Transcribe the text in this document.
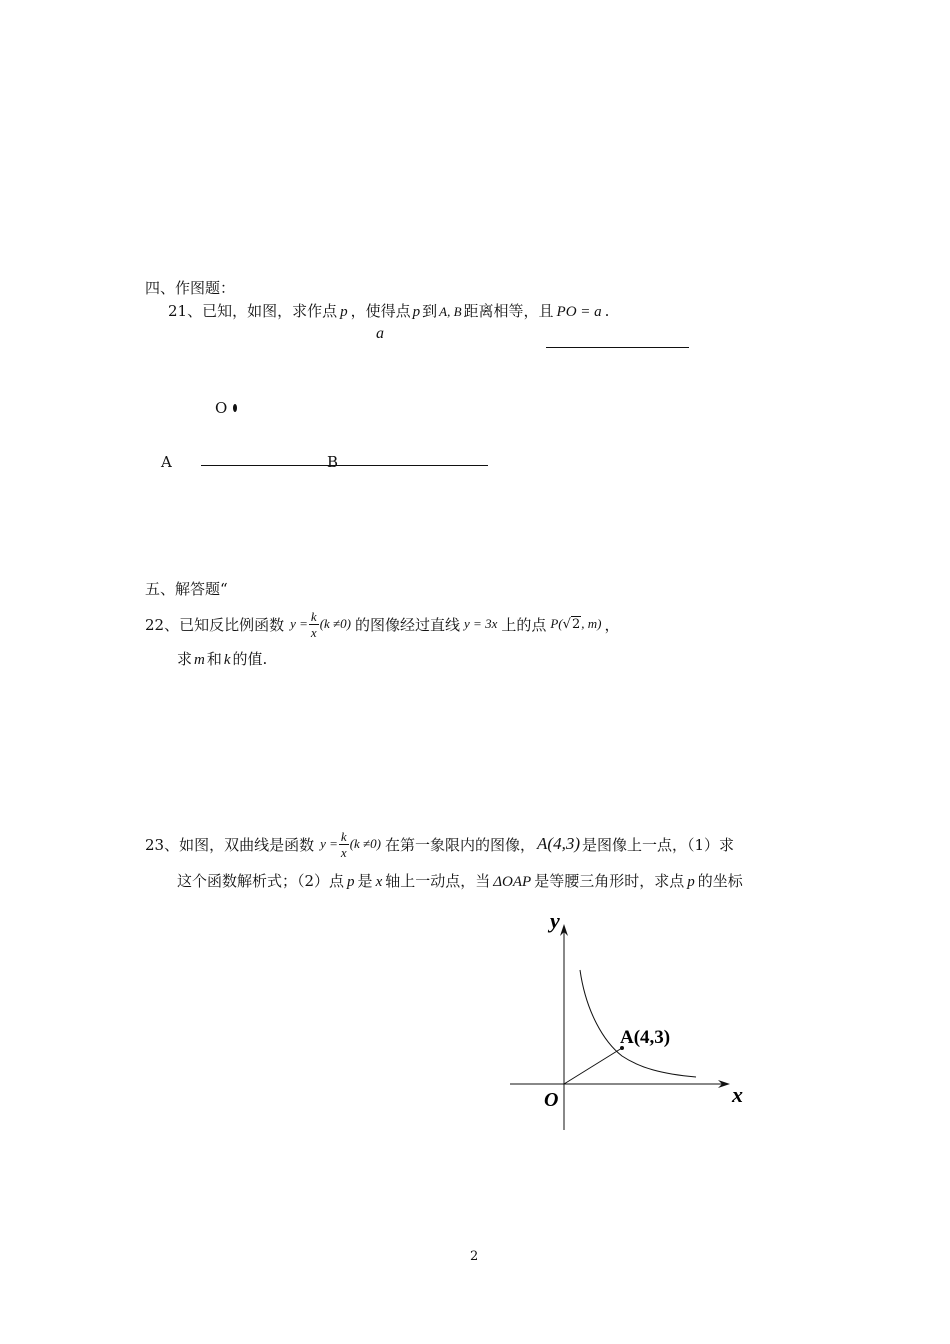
四、作图题：
21、已知，如图，求作点 p ，使得点 p 到 A, B 距离相等，且 PO = a .
a
O
A	B
五、解答题“
22、 已知反比例函数 $y = \frac{k}{x} (k \ne 0)$ 的图像经过直线 y = 3x 上的点 P( √2 , m) ，
求 m 和 k 的值.
23、 如图，双曲线是函数 $y = \frac{k}{x} (k \ne 0)$ 在第一象限内的图像， A(4,3) 是图像上一点，（1）求
这个函数解析式；（2）点 p 是 x 轴上一动点，当 ΔOAP 是等腰三角形时，求点 p 的坐标
y
x
O
A(4,3)
2
